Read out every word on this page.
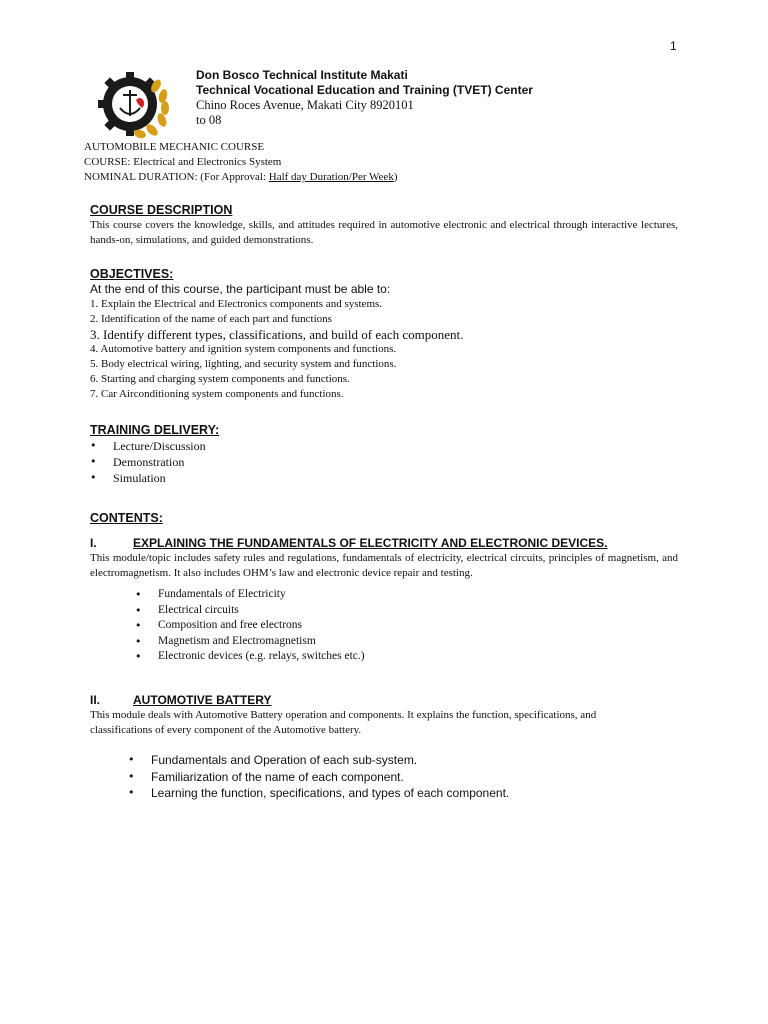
1
Don Bosco Technical Institute Makati
Technical Vocational Education and Training (TVET) Center
Chino Roces Avenue, Makati City 8920101
to 08
AUTOMOBILE MECHANIC COURSE
COURSE: Electrical and Electronics System
NOMINAL DURATION: (For Approval: Half day Duration/Per Week)
COURSE DESCRIPTION
This course covers the knowledge, skills, and attitudes required in automotive electronic and electrical through interactive lectures, hands-on, simulations, and guided demonstrations.
OBJECTIVES:
At the end of this course, the participant must be able to:
1. Explain the Electrical and Electronics components and systems.
2. Identification of the name of each part and functions
3. Identify different types, classifications, and build of each component.
4. Automotive battery and ignition system components and functions.
5. Body electrical wiring, lighting, and security system and functions.
6. Starting and charging system components and functions.
7. Car Airconditioning system components and functions.
TRAINING DELIVERY:
• Lecture/Discussion
• Demonstration
• Simulation
CONTENTS:
I.	EXPLAINING THE FUNDAMENTALS OF ELECTRICITY AND ELECTRONIC DEVICES.
This module/topic includes safety rules and regulations, fundamentals of electricity, electrical circuits, principles of magnetism, and electromagnetism. It also includes OHM’s law and electronic device repair and testing.
• Fundamentals of Electricity
• Electrical circuits
• Composition and free electrons
• Magnetism and Electromagnetism
• Electronic devices (e.g. relays, switches etc.)
II.	AUTOMOTIVE BATTERY
This module deals with Automotive Battery operation and components. It explains the function, specifications, and classifications of every component of the Automotive battery.
• Fundamentals and Operation of each sub-system.
• Familiarization of the name of each component.
• Learning the function, specifications, and types of each component.
